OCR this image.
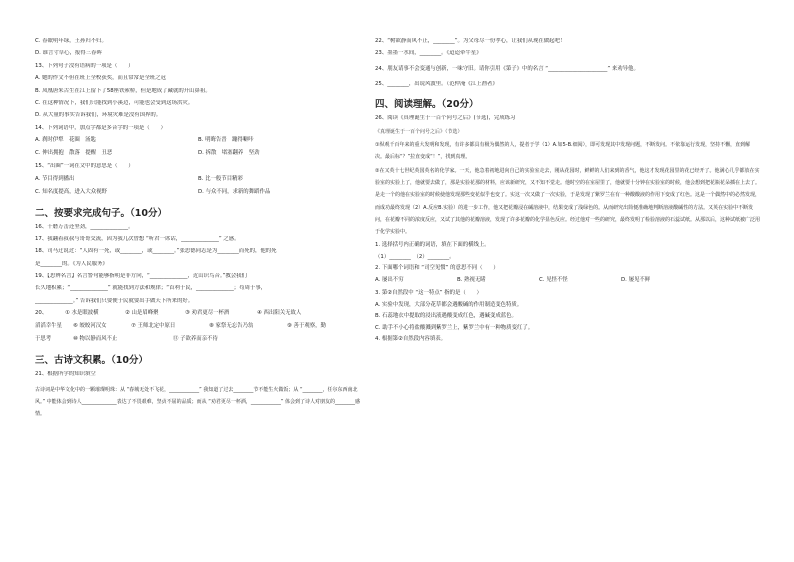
C. 春眠明年绿，王孙归不归。
D. 谁言寸草心，报得三春晖
13、下列句子没有语病的一项是（　　）
A. 她的作文不但在班上全校获奖，而且常常是全班之冠
B. 凤凰唐朱古生在江上留下了58座铁索桥，但是地成了藏就的开山鼻祖。
C. 在这种情况下，我们只能找到小溪边，可能也会受到这场洪灾。
D. 从大量的事实告诉我们，环境灾难是没有国界的。
14、下列词语中，加点字都是多音字的一项是（　　）
A. 刹时伊犁　花圈　汤匙	B. 明晦告晋　蹦得噼咔
C. 伸出拥抱　散落　提醒　丑恶	D. 拆散　堵塞翻养　坚劲
15、“出圈”一词在文中的意思是（　　）
A. 节目得到播出	B. 比一般节目精彩
C. 知名度提高，进入大众视野	D. 与众不同，求新的舞蹈作品
二、按要求完成句子。（10分）
16、千磨万击还坚劲，______________。
17、我翻着叔叔与哥哥交流，因为我几次曾想 “听君一席话，______________” 之感。
18、司马迁说过：“人固有一死，或________，或________。”张思德同志是为________而死的，他的死
是________的。《为人民服务》
19、【思辨名言】名言警句能够指明是非方向，“______________，近山识鸟音。”教会我们
长久地积累；“______________” 就能找到方法和规律；“首利于民，______________；苟周于事，
______________。” 告诉我们只要便于民就要出手做天下所来的好。
20、	① 水是眼波横	② 山是眉峰聚	③ 劝君更尽一杯酒	④ 西出阳关无故人
滔滔幸牛星	⑥ 皎皎河汉女	⑦ 王师北定中原日	⑧ 家祭无忘告乃翁	⑨ 善于观察，勤
于思考	⑩ 物以静而风不止	⑪ 子欲养而亲不待
三、古诗文积累。（10分）
21、根据所学的知识填空
古诗词是中华文化中的一颗璀璨明珠：从 “春城无处不飞花，____________” 我知道了过去________节不能生火做饭；从 “________，任尔东西南北风。” 中能体会到诗人______________表达了不畏艰难，坚贞不屈的品质；而从 “劝君更尽一杯酒，____________” 体会到了诗人对朋友的________感情。
22、“树欲静而风不止，________”。为父母尽一份孝心，让我们从现在做起吧！
23、墨墨一水间，________。《迢迢牵牛星》
24、朋友请事不会变通与创新，一味守旧。请你引用《第子》中的名言 “______________________” 来劝导他。
25、________，出说风波里。（范仲淹《江上渔者》
四、阅读理解。（20分）
26、阅读《真理诞生于一百个问号之后》(节选)，完成练习
《真理诞生于一百个问号之后》（节选）
①纵观千百年来的重大发明和发现，有许多都具有极为偶然的人，提者于学（1）A.如5-B.细阅），即可发现其中发现问题，不断发问。不依靠运行发现，坚持不懈，直到解决。最后标“？”拉直变成“！”，找到真理。
②在又英十七世纪英国英名的化学家。一天，他急着初地进向自己的实验室走去，刚从花园时，鲜鲜的人们来到的香气，他这才发现花园里的花已经开了。他满心几乎都放在实验室的实验上了，他就要去做了，那是实验花那的材料，应该新研究，又不知不觉走。他时空的在室屋里了，他就要十分钟在实验室的时候，他会想到把花瓶花朵插在上去了。是走一个的他在实验室的时候使他发现那些变花似乎也变了。实这一次又做了一次实验，于是发现了紫罗兰在有一种酸酸液的作用下变成了红色。这是一个偶然中的必然发现，而成功最终发现（2）A.反应B.实验）的进一步工作，他又把花瓣浸在碱溶液中，结果变成了浅绿色的。从而研究出简便准确地判断溶液酸碱性的方法。又英在实验中不断发问，在花瓣不同的浓度反应，又试了其他的花瓣溶液，发现了许多花瓣的化学显色反应。经过他对一些的研究，最终发明了检验溶液的石蕊试纸。从那以后，这种试纸被广泛用于化学实验中。
1. 选择括号内正确的词语，填在下面的横线上。
（1）________　（2）________。
2. 下面哪个词语和 “司空见惯” 的意思不同（　　）
A. 屡出不穷	B. 熟视无睹	C. 见怪不怪	D. 屡见不鲜
3. 第②自然段中 “这一特点” 指的是（　　）
A. 实验中发现，大部分花草都会遇酸碱的作用制造变色特质。
B. 石蕊地衣中提取的浸出液遇酸变成红色，遇碱变成蓝色。
C. 助手不小心将盐酸溅到紫罗兰上，紫罗兰中有一种物质变红了。
4. 根据第②自然段内容填表。
